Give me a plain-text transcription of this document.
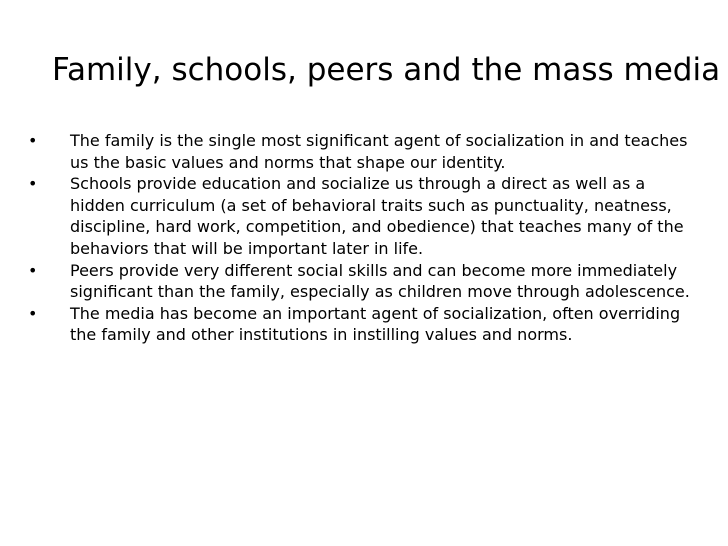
Family, schools, peers and the mass media
•	The family is the single most significant agent of socialization in and teaches us the basic values and norms that shape our identity.
•	Schools provide education and socialize us through a direct as well as a hidden curriculum (a set of behavioral traits such as punctuality, neatness, discipline, hard work, competition, and obedience) that teaches many of the behaviors that will be important later in life.
•	Peers provide very different social skills and can become more immediately significant than the family, especially as children move through adolescence.
•	The media has become an important agent of socialization, often overriding the family and other institutions in instilling values and norms.
